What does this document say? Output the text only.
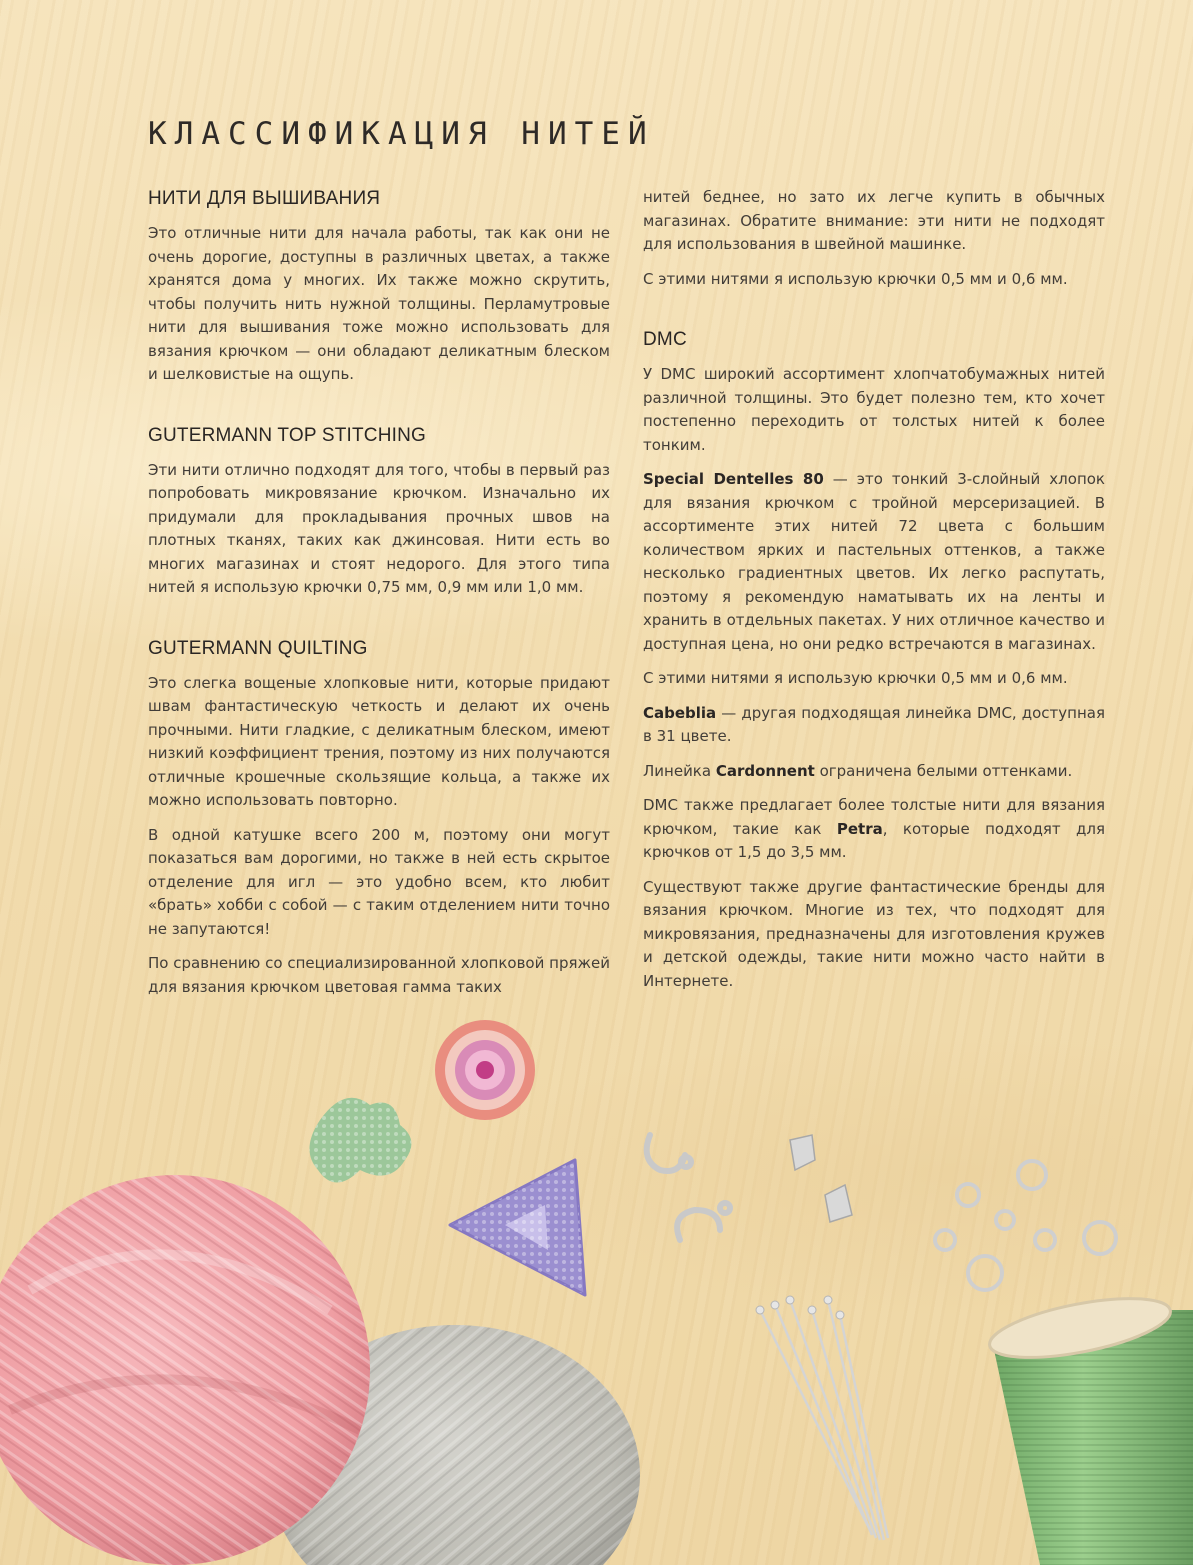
КЛАССИФИКАЦИЯ НИТЕЙ
НИТИ ДЛЯ ВЫШИВАНИЯ

Это отличные нити для начала работы, так как они не очень дорогие, доступны в различных цветах, а также хранятся дома у многих. Их также можно скрутить, чтобы получить нить нужной толщины. Перламутровые нити для вышивания тоже можно использовать для вязания крючком — они обладают деликатным блеском и шелковистые на ощупь.

GUTERMANN TOP STITCHING

Эти нити отлично подходят для того, чтобы в первый раз попробовать микровязание крючком. Изначально их придумали для прокладывания прочных швов на плотных тканях, таких как джинсовая. Нити есть во многих магазинах и стоят недорого. Для этого типа нитей я использую крючки 0,75 мм, 0,9 мм или 1,0 мм.

GUTERMANN QUILTING

Это слегка вощеные хлопковые нити, которые придают швам фантастическую четкость и делают их очень прочными. Нити гладкие, с деликатным блеском, имеют низкий коэффициент трения, поэтому из них получаются отличные крошечные скользящие кольца, а также их можно использовать повторно.

В одной катушке всего 200 м, поэтому они могут показаться вам дорогими, но также в ней есть скрытое отделение для игл — это удобно всем, кто любит «брать» хобби с собой — с таким отделением нити точно не запутаются!

По сравнению со специализированной хлопковой пряжей для вязания крючком цветовая гамма таких

нитей беднее, но зато их легче купить в обычных магазинах. Обратите внимание: эти нити не подходят для использования в швейной машинке.

С этими нитями я использую крючки 0,5 мм и 0,6 мм.

DMC

У DMC широкий ассортимент хлопчатобумажных нитей различной толщины. Это будет полезно тем, кто хочет постепенно переходить от толстых нитей к более тонким.

Special Dentelles 80 — это тонкий 3-слойный хлопок для вязания крючком с тройной мерсеризацией. В ассортименте этих нитей 72 цвета с большим количеством ярких и пастельных оттенков, а также несколько градиентных цветов. Их легко распутать, поэтому я рекомендую наматывать их на ленты и хранить в отдельных пакетах. У них отличное качество и доступная цена, но они редко встречаются в магазинах.

С этими нитями я использую крючки 0,5 мм и 0,6 мм.

Cabeblia — другая подходящая линейка DMC, доступная в 31 цвете.

Линейка Cardonnent ограничена белыми оттенками.

DMC также предлагает более толстые нити для вязания крючком, такие как Petra, которые подходят для крючков от 1,5 до 3,5 мм.

Существуют также другие фантастические бренды для вязания крючком. Многие из тех, что подходят для микровязания, предназначены для изготовления кружев и детской одежды, такие нити можно часто найти в Интернете.
